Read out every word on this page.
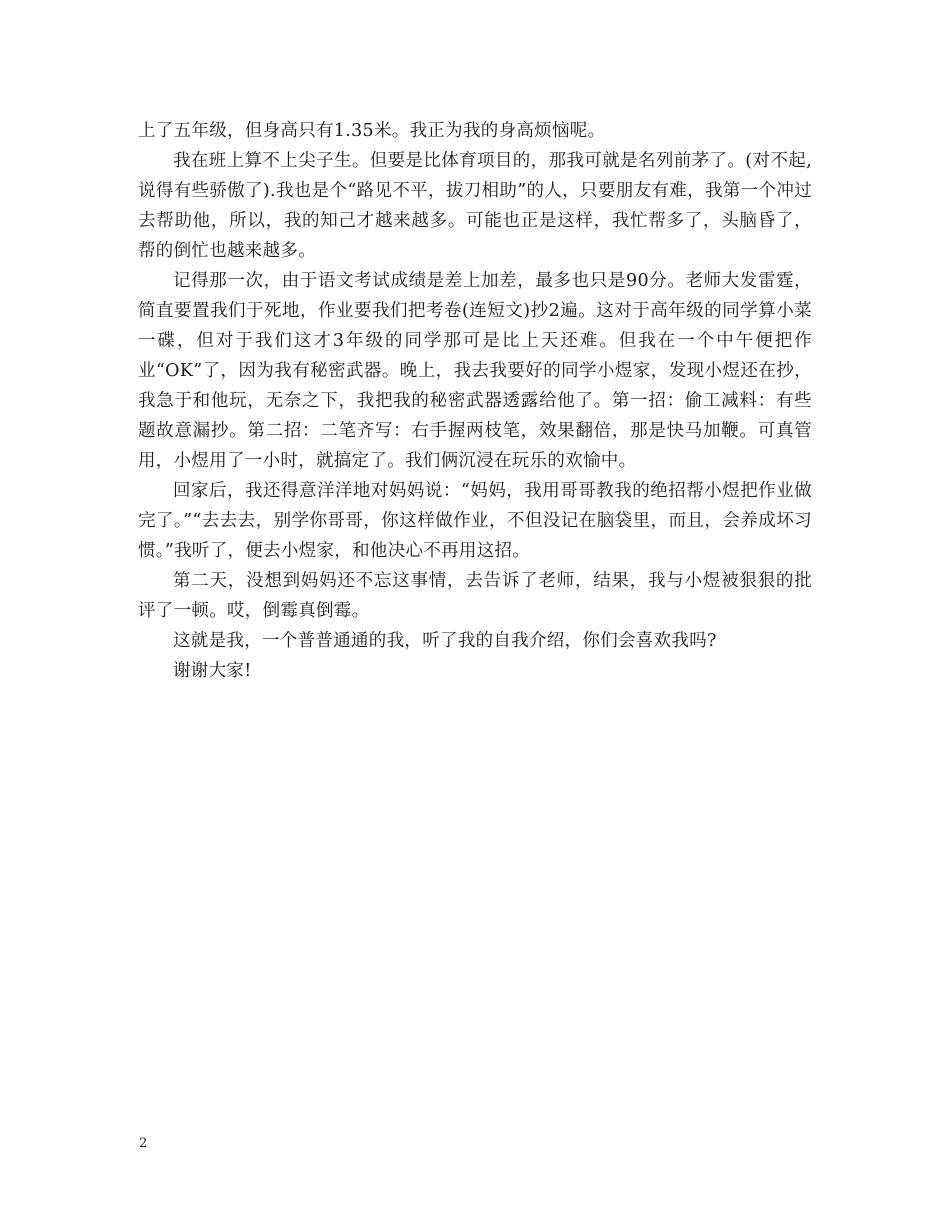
上了五年级，但身高只有1.35米。我正为我的身高烦恼呢。

我在班上算不上尖子生。但要是比体育项目的，那我可就是名列前茅了。(对不起,说得有些骄傲了).我也是个“路见不平，拔刀相助”的人，只要朋友有难，我第一个冲过去帮助他，所以，我的知己才越来越多。可能也正是这样，我忙帮多了，头脑昏了，帮的倒忙也越来越多。

记得那一次，由于语文考试成绩是差上加差，最多也只是90分。老师大发雷霆，简直要置我们于死地，作业要我们把考卷(连短文)抄2遍。这对于高年级的同学算小菜一碟，但对于我们这才3年级的同学那可是比上天还难。但我在一个中午便把作业“OK”了，因为我有秘密武器。晚上，我去我要好的同学小煜家，发现小煜还在抄，我急于和他玩，无奈之下，我把我的秘密武器透露给他了。第一招：偷工减料：有些题故意漏抄。第二招：二笔齐写：右手握两枝笔，效果翻倍，那是快马加鞭。可真管用，小煜用了一小时，就搞定了。我们俩沉浸在玩乐的欢愉中。

回家后，我还得意洋洋地对妈妈说：“妈妈，我用哥哥教我的绝招帮小煜把作业做完了。”“去去去，别学你哥哥，你这样做作业，不但没记在脑袋里，而且，会养成坏习惯。”我听了，便去小煜家，和他决心不再用这招。

第二天，没想到妈妈还不忘这事情，去告诉了老师，结果，我与小煜被狠狠的批评了一顿。哎，倒霉真倒霉。

这就是我，一个普普通通的我，听了我的自我介绍，你们会喜欢我吗?

谢谢大家!

2
